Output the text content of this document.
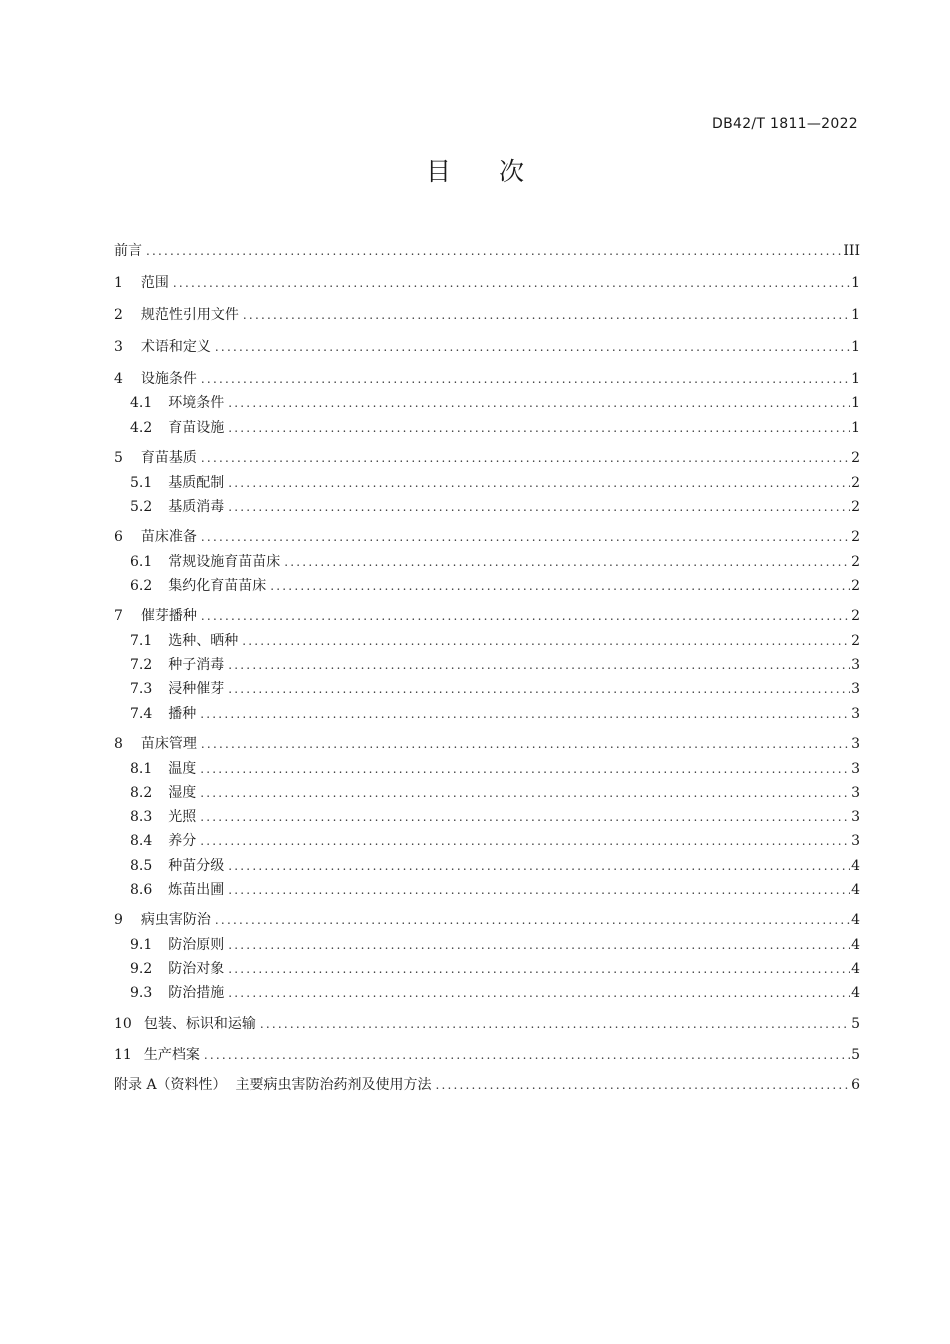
DB42/T 1811—2022
目次
前言 .....	III
1 范围 .....	1
2 规范性引用文件 .....	1
3 术语和定义 .....	1
4 设施条件 .....	1
4.1 环境条件 .....	1
4.2 育苗设施 .....	1
5 育苗基质 .....	2
5.1 基质配制 .....	2
5.2 基质消毒 .....	2
6 苗床准备 .....	2
6.1 常规设施育苗苗床 .....	2
6.2 集约化育苗苗床 .....	2
7 催芽播种 .....	2
7.1 选种、晒种 .....	2
7.2 种子消毒 .....	3
7.3 浸种催芽 .....	3
7.4 播种 .....	3
8 苗床管理 .....	3
8.1 温度 .....	3
8.2 湿度 .....	3
8.3 光照 .....	3
8.4 养分 .....	3
8.5 种苗分级 .....	4
8.6 炼苗出圃 .....	4
9 病虫害防治 .....	4
9.1 防治原则 .....	4
9.2 防治对象 .....	4
9.3 防治措施 .....	4
10 包装、标识和运输 .....	5
11 生产档案 .....	5
附录 A（资料性）  主要病虫害防治药剂及使用方法 .....	6
